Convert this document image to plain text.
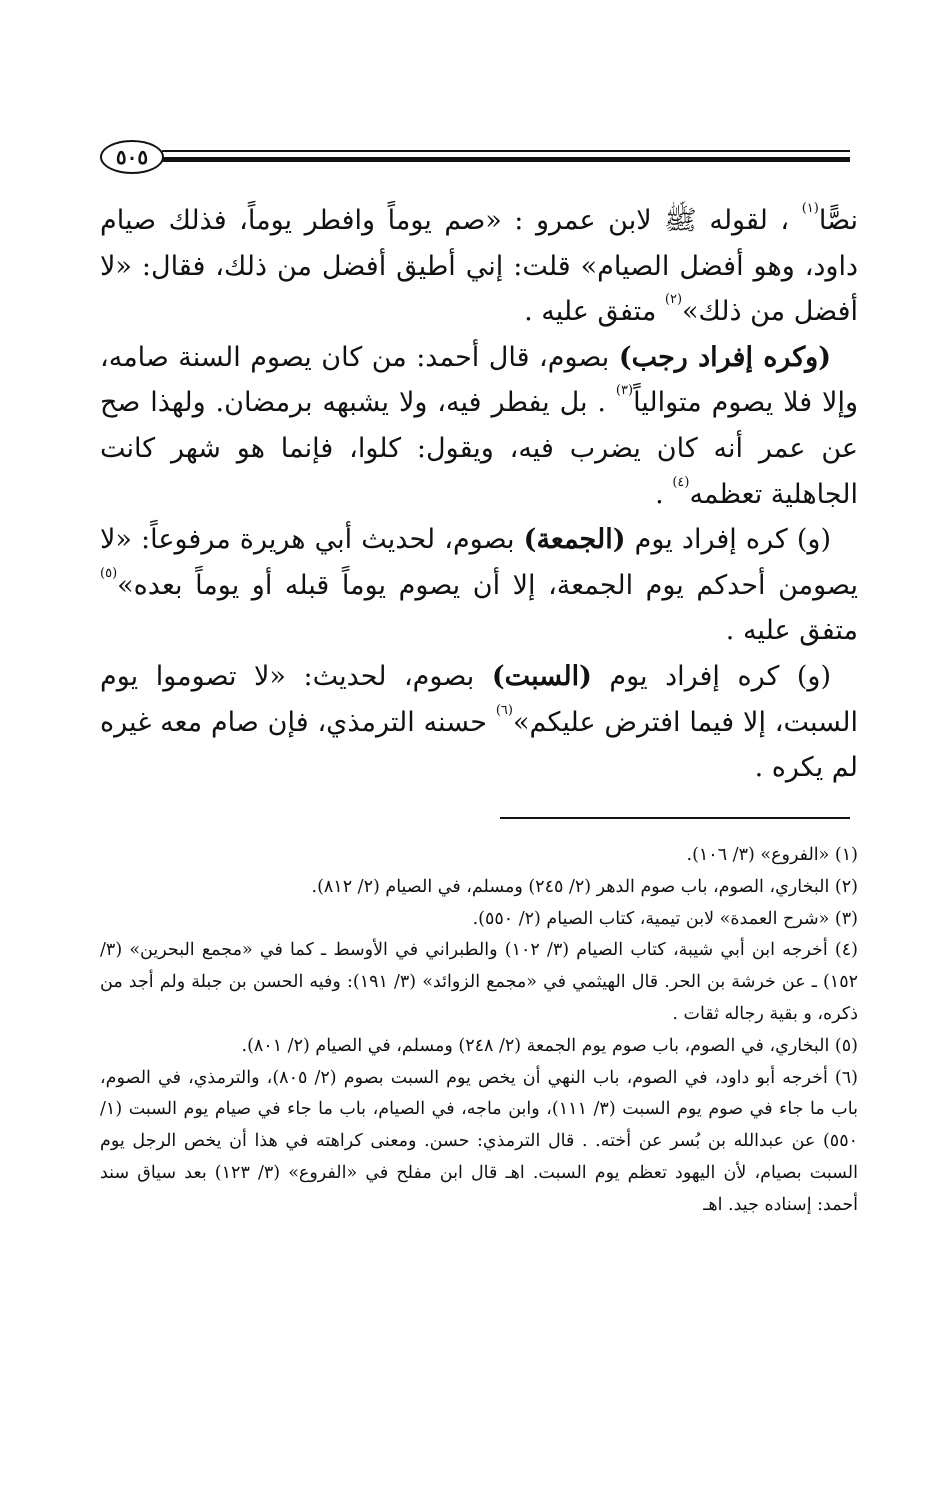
٥٠٥

نصًّا$^{(١)}$ ، لقوله ﷺ لابن عمرو : «صم يوماً وافطر يوماً، فذلك صيام داود، وهو أفضل الصيام» قلت: إني أطيق أفضل من ذلك، فقال: «لا أفضل من ذلك»$^{(٢)}$ متفق عليه .

 (وكره إفراد رجب) بصوم، قال أحمد: من كان يصوم السنة صامه، وإلا فلا يصوم متوالياً$^{(٣)}$ . بل يفطر فيه، ولا يشبهه برمضان. ولهذا صح عن عمر أنه كان يضرب فيه، ويقول: كلوا، فإنما هو شهر كانت الجاهلية تعظمه$^{(٤)}$ .

 (و) كره إفراد يوم (الجمعة) بصوم، لحديث أبي هريرة مرفوعاً: «لا يصومن أحدكم يوم الجمعة، إلا أن يصوم يوماً قبله أو يوماً بعده»$^{(٥)}$ متفق عليه .

 (و) كره إفراد يوم (السبت) بصوم، لحديث: «لا تصوموا يوم السبت، إلا فيما افترض عليكم»$^{(٦)}$ حسنه الترمذي، فإن صام معه غيره لم يكره .

(١) «الفروع» (٣/ ١٠٦).

(٢) البخاري، الصوم، باب صوم الدهر (٢/ ٢٤٥) ومسلم، في الصيام (٢/ ٨١٢).

(٣) «شرح العمدة» لابن تيمية، كتاب الصيام (٢/ ٥٥٠).

(٤) أخرجه ابن أبي شيبة، كتاب الصيام (٣/ ١٠٢) والطبراني في الأوسط ـ كما في «مجمع البحرين» (٣/ ١٥٢) ـ عن خرشة بن الحر. قال الهيثمي في «مجمع الزوائد» (٣/ ١٩١): وفيه الحسن بن جبلة ولم أجد من ذكره، و بقية رجاله ثقات .

(٥) البخاري، في الصوم، باب صوم يوم الجمعة (٢/ ٢٤٨) ومسلم، في الصيام (٢/ ٨٠١).

(٦) أخرجه أبو داود، في الصوم، باب النهي أن يخص يوم السبت بصوم (٢/ ٨٠٥)، والترمذي، في الصوم، باب ما جاء في صوم يوم السبت (٣/ ١١١)، وابن ماجه، في الصيام، باب ما جاء في صيام يوم السبت (١/ ٥٥٠) عن عبدالله بن بُسر عن أخته. . قال الترمذي: حسن. ومعنى كراهته في هذا أن يخص الرجل يوم السبت بصيام، لأن اليهود تعظم يوم السبت. اهـ قال ابن مفلح في «الفروع» (٣/ ١٢٣) بعد سياق سند أحمد: إسناده جيد. اهـ
